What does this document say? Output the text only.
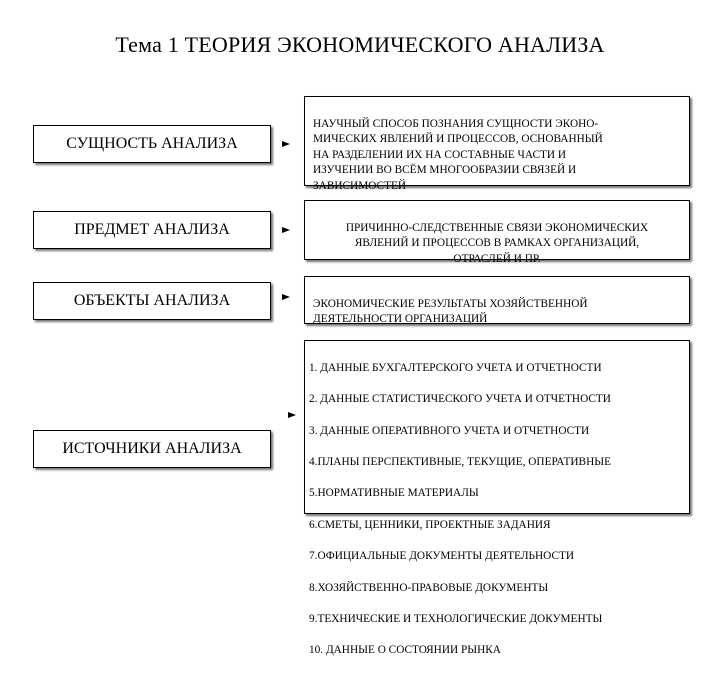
Тема 1 ТЕОРИЯ ЭКОНОМИЧЕСКОГО АНАЛИЗА
СУЩНОСТЬ АНАЛИЗА

НАУЧНЫЙ СПОСОБ ПОЗНАНИЯ СУЩНОСТИ ЭКОНО-
МИЧЕСКИХ ЯВЛЕНИЙ И ПРОЦЕССОВ, ОСНОВАННЫЙ
НА РАЗДЕЛЕНИИ ИХ НА СОСТАВНЫЕ ЧАСТИ И
ИЗУЧЕНИИ ВО ВСЁМ МНОГООБРАЗИИ СВЯЗЕЙ И
ЗАВИСИМОСТЕЙ

ПРЕДМЕТ АНАЛИЗА	ПРИЧИННО-СЛЕДСТВЕННЫЕ СВЯЗИ ЭКОНОМИЧЕСКИХ
ЯВЛЕНИЙ И ПРОЦЕССОВ В РАМКАХ ОРГАНИЗАЦИЙ,
ОТРАСЛЕЙ И ПР.

ОБЪЕКТЫ АНАЛИЗА	ЭКОНОМИЧЕСКИЕ РЕЗУЛЬТАТЫ ХОЗЯЙСТВЕННОЙ
ДЕЯТЕЛЬНОСТИ ОРГАНИЗАЦИЙ

ИСТОЧНИКИ АНАЛИЗА

1. ДАННЫЕ БУХГАЛТЕРСКОГО УЧЕТА И ОТЧЕТНОСТИ

2. ДАННЫЕ СТАТИСТИЧЕСКОГО УЧЕТА И ОТЧЕТНОСТИ

3. ДАННЫЕ ОПЕРАТИВНОГО УЧЕТА И ОТЧЕТНОСТИ

4.ПЛАНЫ ПЕРСПЕКТИВНЫЕ, ТЕКУЩИЕ, ОПЕРАТИВНЫЕ

5.НОРМАТИВНЫЕ МАТЕРИАЛЫ

6.СМЕТЫ, ЦЕННИКИ, ПРОЕКТНЫЕ ЗАДАНИЯ

7.ОФИЦИАЛЬНЫЕ ДОКУМЕНТЫ ДЕЯТЕЛЬНОСТИ

8.ХОЗЯЙСТВЕННО-ПРАВОВЫЕ ДОКУМЕНТЫ

9.ТЕХНИЧЕСКИЕ И ТЕХНОЛОГИЧЕСКИЕ ДОКУМЕНТЫ

10. ДАННЫЕ О СОСТОЯНИИ РЫНКА
